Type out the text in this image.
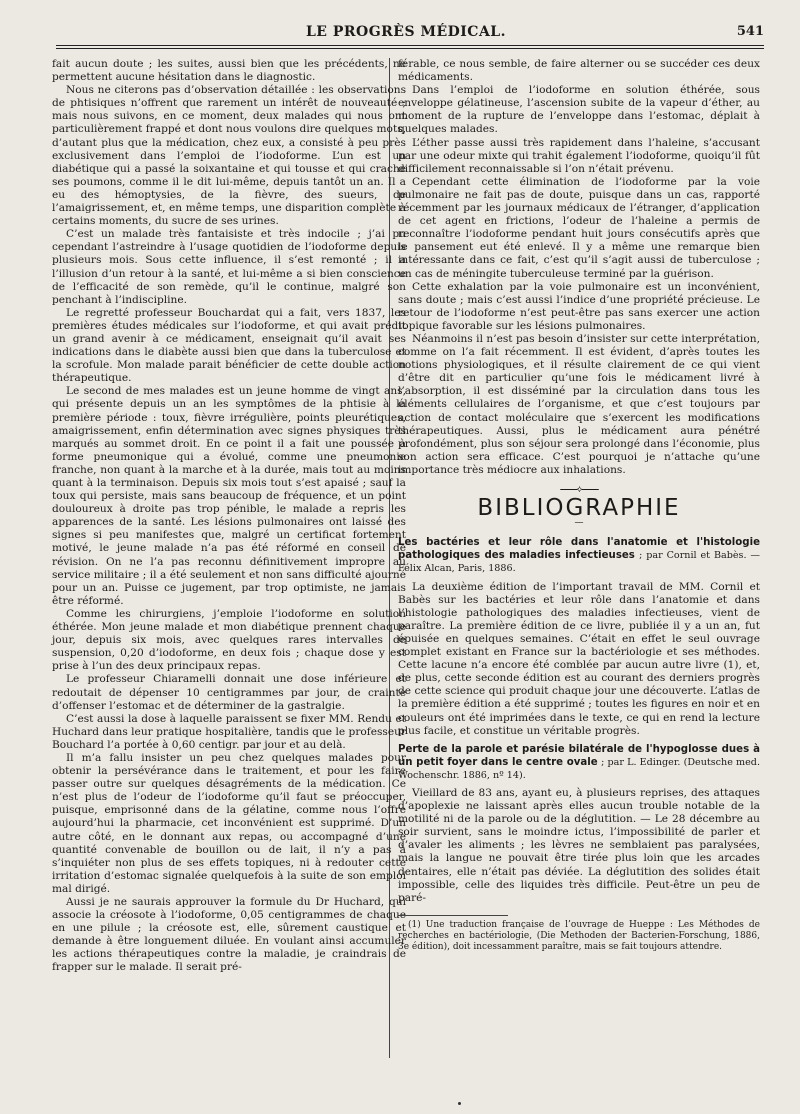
LE PROGRÈS MÉDICAL.	541

fait aucun doute ; les suites, aussi bien que les précédents, ne permettent aucune hésitation dans le diagnostic.

Nous ne citerons pas d’observation détaillée : les observations de phtisiques n’offrent que rarement un intérêt de nouveauté ; mais nous suivons, en ce moment, deux malades qui nous ont particulièrement frappé et dont nous voulons dire quelques mots, d’autant plus que la médication, chez eux, a consisté à peu près exclusivement dans l’emploi de l’iodoforme. L’un est un diabétique qui a passé la soixantaine et qui tousse et qui crache ses poumons, comme il le dit lui-même, depuis tantôt un an. Il a eu des hémoptysies, de la fièvre, des sueurs, de l’amaigrissement, et, en même temps, une disparition complète à certains moments, du sucre de ses urines.

C’est un malade très fantaisiste et très indocile ; j’ai pu cependant l’astreindre à l’usage quotidien de l’iodoforme depuis plusieurs mois. Sous cette influence, il s’est remonté ; il a l’illusion d’un retour à la santé, et lui-même a si bien conscience de l’efficacité de son remède, qu’il le continue, malgré son penchant à l’indiscipline.

Le regretté professeur Bouchardat qui a fait, vers 1837, les premières études médicales sur l’iodoforme, et qui avait prédit un grand avenir à ce médicament, enseignait qu’il avait ses indications dans le diabète aussi bien que dans la tuberculose et la scrofule. Mon malade parait bénéficier de cette double action thérapeutique.

Le second de mes malades est un jeune homme de vingt ans, qui présente depuis un an les symptômes de la phtisie à la première période : toux, fièvre irrégulière, points pleurétiques, amaigrissement, enfin détermination avec signes physiques très marqués au sommet droit. En ce point il a fait une poussée à forme pneumonique qui a évolué, comme une pneumonie franche, non quant à la marche et à la durée, mais tout au moins quant à la terminaison. Depuis six mois tout s’est apaisé ; sauf la toux qui persiste, mais sans beaucoup de fréquence, et un point douloureux à droite pas trop pénible, le malade a repris les apparences de la santé. Les lésions pulmonaires ont laissé des signes si peu manifestes que, malgré un certificat fortement motivé, le jeune malade n’a pas été réformé en conseil de révision. On ne l’a pas reconnu définitivement impropre au service militaire ; il a été seulement et non sans difficulté ajourné pour un an. Puisse ce jugement, par trop optimiste, ne jamais être réformé.

Comme les chirurgiens, j’emploie l’iodoforme en solution éthérée. Mon jeune malade et mon diabétique prennent chaque jour, depuis six mois, avec quelques rares intervalles de suspension, 0,20 d’iodoforme, en deux fois ; chaque dose y est prise à l’un des deux principaux repas.

Le professeur Chiaramelli donnait une dose inférieure et redoutait de dépenser 10 centigrammes par jour, de crainte d’offenser l’estomac et de déterminer de la gastralgie.

C’est aussi la dose à laquelle paraissent se fixer MM. Rendu et Huchard dans leur pratique hospitalière, tandis que le professeur Bouchard l’a portée à 0,60 centigr. par jour et au delà.

Il m’a fallu insister un peu chez quelques malades pour obtenir la persévérance dans le traitement, et pour les faire passer outre sur quelques désagréments de la médication. Ce n’est plus de l’odeur de l’iodoforme qu’il faut se préoccuper, puisque, emprisonné dans de la gélatine, comme nous l’offre aujourd’hui la pharmacie, cet inconvénient est supprimé. D’un autre côté, en le donnant aux repas, ou accompagné d’une quantité convenable de bouillon ou de lait, il n’y a pas à s’inquiéter non plus de ses effets topiques, ni à redouter cette irritation d’estomac signalée quelquefois à la suite de son emploi mal dirigé.

Aussi je ne saurais approuver la formule du Dr Huchard, qui associe la créosote à l’iodoforme, 0,05 centigrammes de chaque en une pilule ; la créosote est, elle, sûrement caustique et demande à être longuement diluée. En voulant ainsi accumuler les actions thérapeutiques contre la maladie, je craindrais de frapper sur le malade. Il serait pré-

férable, ce nous semble, de faire alterner ou se succéder ces deux médicaments.

Dans l’emploi de l’iodoforme en solution éthérée, sous enveloppe gélatineuse, l’ascension subite de la vapeur d’éther, au moment de la rupture de l’enveloppe dans l’estomac, déplait à quelques malades.

L’éther passe aussi très rapidement dans l’haleine, s’accusant par une odeur mixte qui trahit également l’iodoforme, quoiqu’il fût difficilement reconnaissable si l’on n’était prévenu.

Cependant cette élimination de l’iodoforme par la voie pulmonaire ne fait pas de doute, puisque dans un cas, rapporté récemment par les journaux médicaux de l’étranger, d’application de cet agent en frictions, l’odeur de l’haleine a permis de reconnaître l’iodoforme pendant huit jours consécutifs après que le pansement eut été enlevé. Il y a même une remarque bien intéressante dans ce fait, c’est qu’il s’agit aussi de tuberculose ; un cas de méningite tuberculeuse terminé par la guérison.

Cette exhalation par la voie pulmonaire est un inconvénient, sans doute ; mais c’est aussi l’indice d’une propriété précieuse. Le retour de l’iodoforme n’est peut-être pas sans exercer une action topique favorable sur les lésions pulmonaires.

Néanmoins il n’est pas besoin d’insister sur cette interprétation, comme on l’a fait récemment. Il est évident, d’après toutes les notions physiologiques, et il résulte clairement de ce qui vient d’être dit en particulier qu’une fois le médicament livré à l’absorption, il est disséminé par la circulation dans tous les éléments cellulaires de l’organisme, et que c’est toujours par action de contact moléculaire que s’exercent les modifications thérapeutiques. Aussi, plus le médicament aura pénétré profondément, plus son séjour sera prolongé dans l’économie, plus son action sera efficace. C’est pourquoi je n’attache qu’une importance très médiocre aux inhalations.

⎯⎯⎯⎯⟡⎯⎯⎯⎯
BIBLIOGRAPHIE
—

Les bactéries et leur rôle dans l'anatomie et l'histologie pathologiques des maladies infectieuses ; par Cornil et Babès. — Félix Alcan, Paris, 1886.

La deuxième édition de l’important travail de MM. Cornil et Babès sur les bactéries et leur rôle dans l’anatomie et dans l’histologie pathologiques des maladies infectieuses, vient de paraître. La première édition de ce livre, publiée il y a un an, fut épuisée en quelques semaines. C’était en effet le seul ouvrage complet existant en France sur la bactériologie et ses méthodes. Cette lacune n’a encore été comblée par aucun autre livre (1), et, de plus, cette seconde édition est au courant des derniers progrès de cette science qui produit chaque jour une découverte. L’atlas de la première édition a été supprimé ; toutes les figures en noir et en couleurs ont été imprimées dans le texte, ce qui en rend la lecture plus facile, et constitue un véritable progrès.

Perte de la parole et parésie bilatérale de l'hypoglosse dues à un petit foyer dans le centre ovale ; par L. Edinger. (Deutsche med. Wochenschr. 1886, nº 14).

Vieillard de 83 ans, ayant eu, à plusieurs reprises, des attaques d’apoplexie ne laissant après elles aucun trouble notable de la motilité ni de la parole ou de la déglutition. — Le 28 décembre au soir survient, sans le moindre ictus, l’impossibilité de parler et d’avaler les aliments ; les lèvres ne semblaient pas paralysées, mais la langue ne pouvait être tirée plus loin que les arcades dentaires, elle n’était pas déviée. La déglutition des solides était impossible, celle des liquides très difficile. Peut-être un peu de paré-

(1) Une traduction française de l’ouvrage de Hueppe : Les Méthodes de recherches en bactériologie, (Die Methoden der Bacterien-Forschung, 1886, 3e édition), doit incessamment paraître, mais se fait toujours attendre.
